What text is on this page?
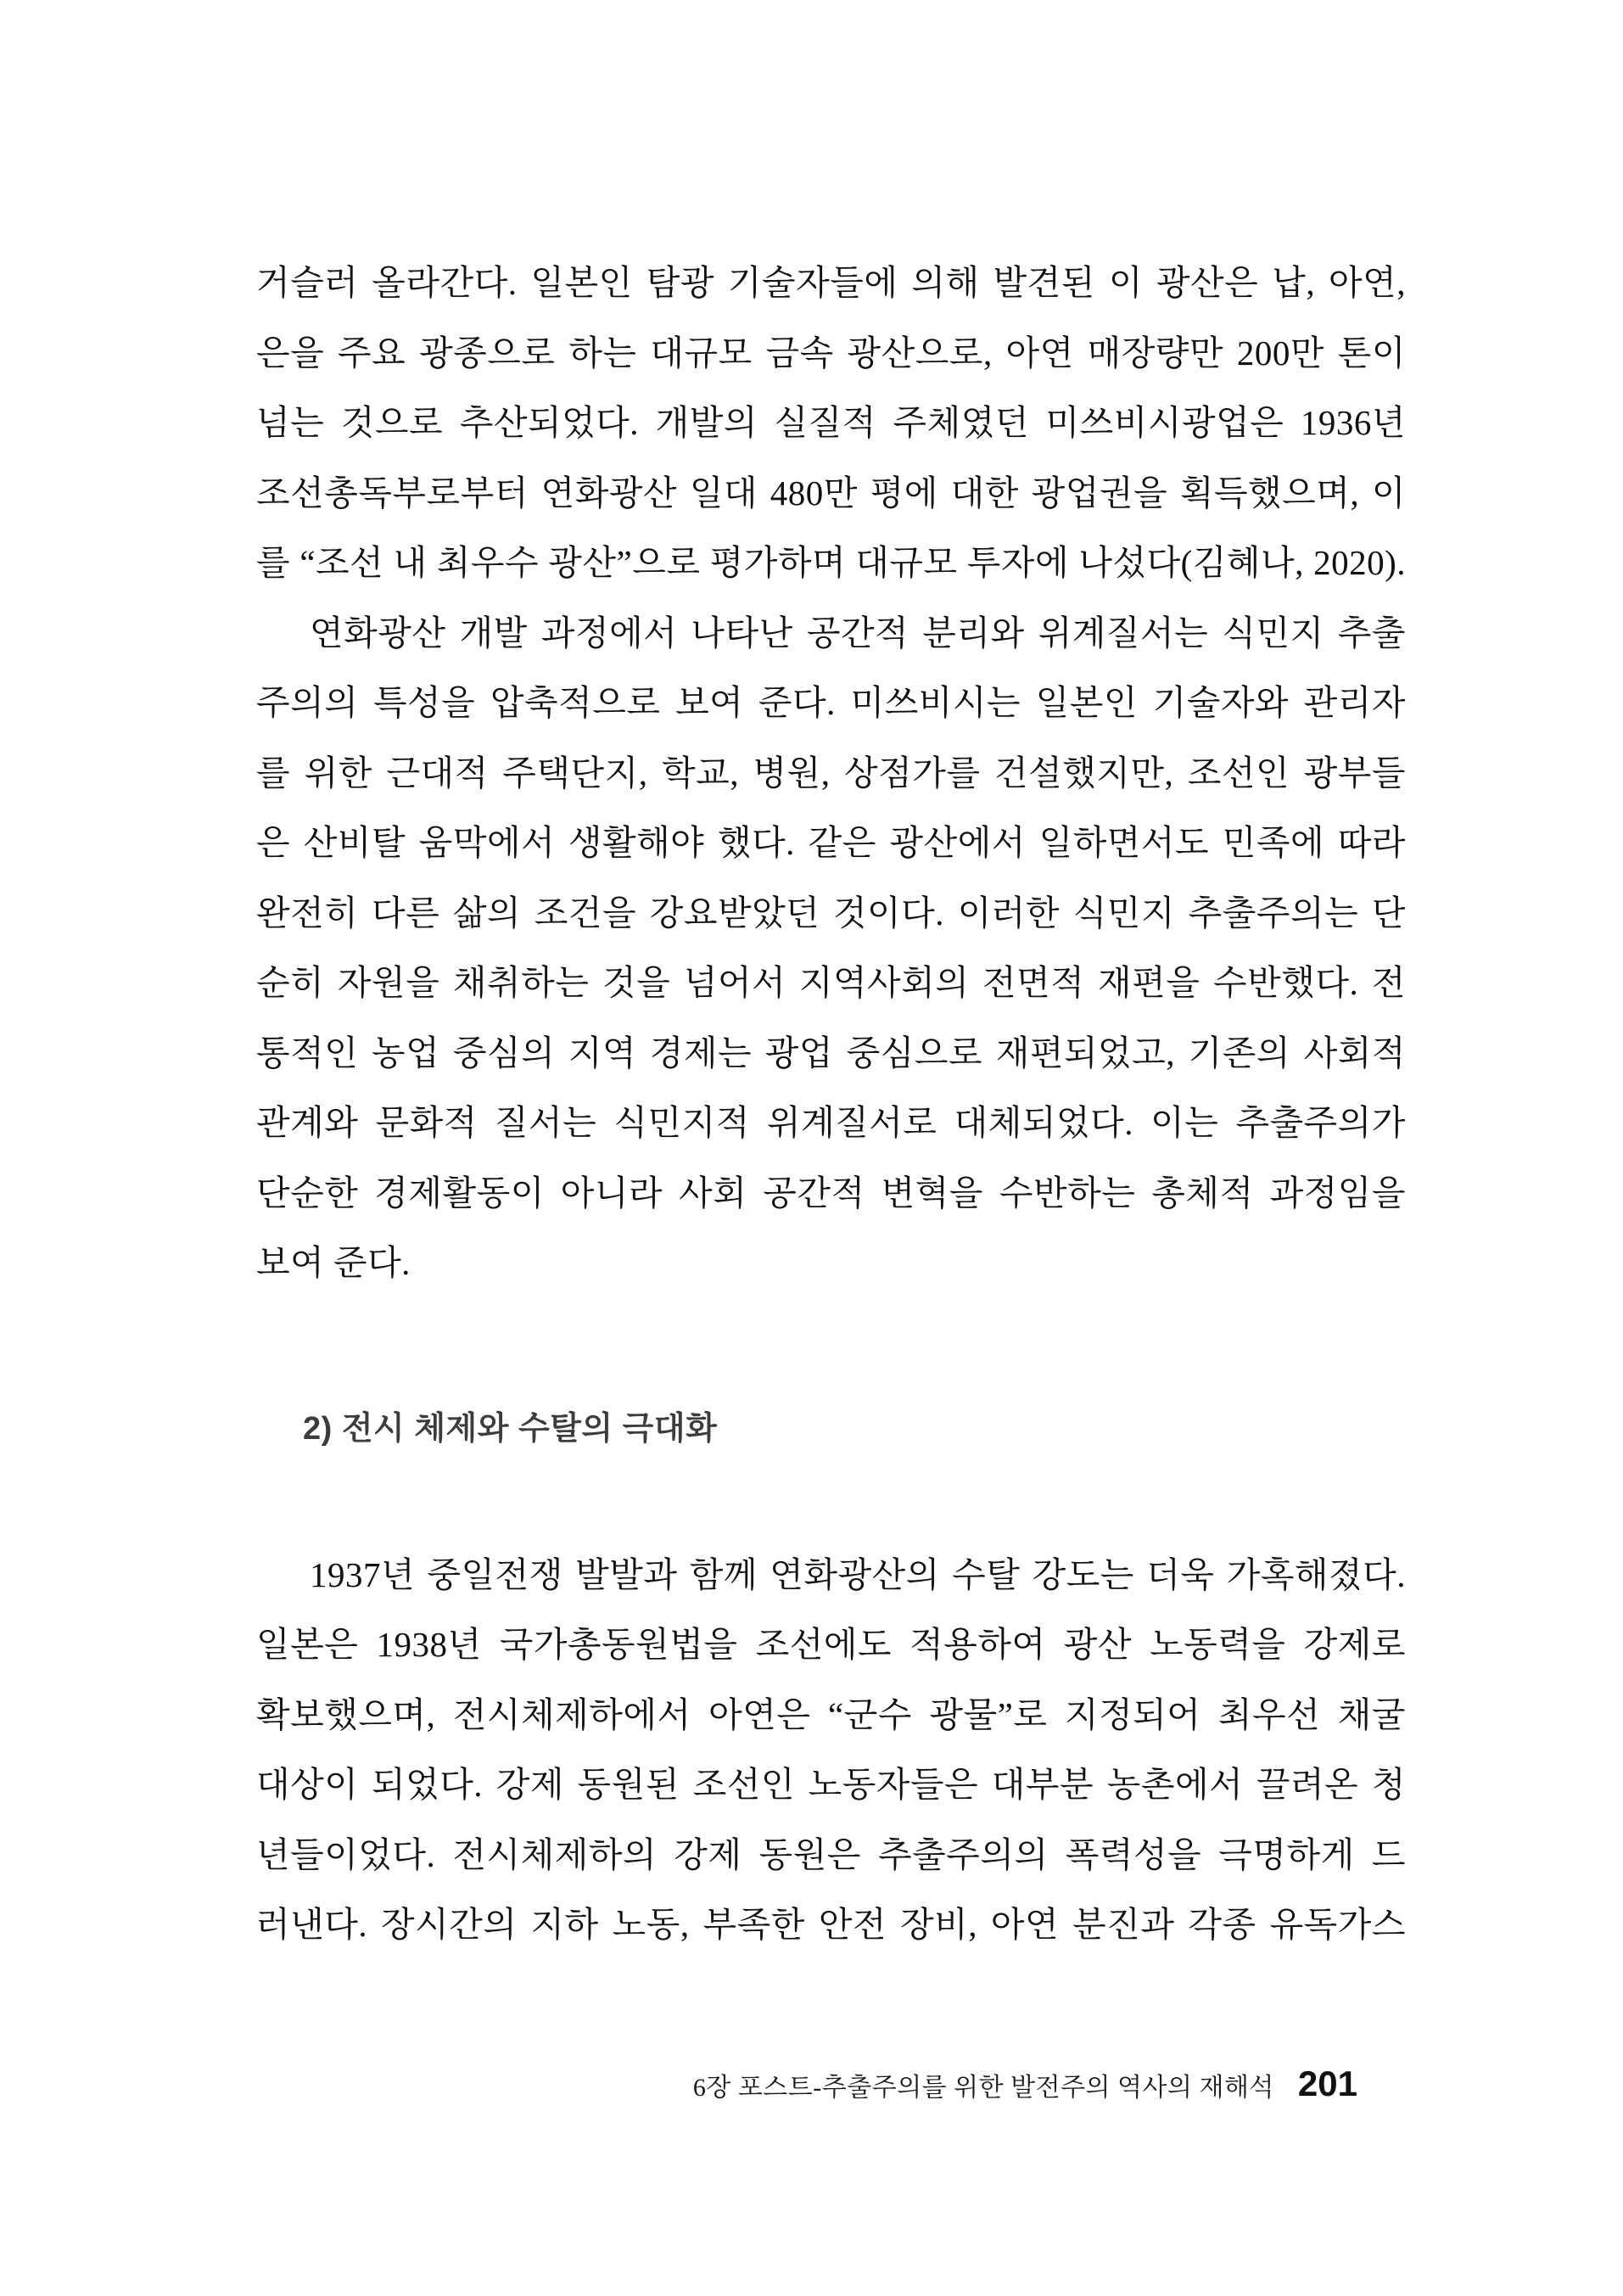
거슬러 올라간다. 일본인 탐광 기술자들에 의해 발견된 이 광산은 납, 아연,

은을 주요 광종으로 하는 대규모 금속 광산으로, 아연 매장량만 200만 톤이

넘는 것으로 추산되었다. 개발의 실질적 주체였던 미쓰비시광업은 1936년

조선총독부로부터 연화광산 일대 480만 평에 대한 광업권을 획득했으며, 이

를 “조선 내 최우수 광산”으로 평가하며 대규모 투자에 나섰다(김혜나, 2020).

연화광산 개발 과정에서 나타난 공간적 분리와 위계질서는 식민지 추출

주의의 특성을 압축적으로 보여 준다. 미쓰비시는 일본인 기술자와 관리자

를 위한 근대적 주택단지, 학교, 병원, 상점가를 건설했지만, 조선인 광부들

은 산비탈 움막에서 생활해야 했다. 같은 광산에서 일하면서도 민족에 따라

완전히 다른 삶의 조건을 강요받았던 것이다. 이러한 식민지 추출주의는 단

순히 자원을 채취하는 것을 넘어서 지역사회의 전면적 재편을 수반했다. 전

통적인 농업 중심의 지역 경제는 광업 중심으로 재편되었고, 기존의 사회적

관계와 문화적 질서는 식민지적 위계질서로 대체되었다. 이는 추출주의가

단순한 경제활동이 아니라 사회 공간적 변혁을 수반하는 총체적 과정임을

보여 준다.

2) 전시 체제와 수탈의 극대화

1937년 중일전쟁 발발과 함께 연화광산의 수탈 강도는 더욱 가혹해졌다.

일본은 1938년 국가총동원법을 조선에도 적용하여 광산 노동력을 강제로

확보했으며, 전시체제하에서 아연은 “군수 광물”로 지정되어 최우선 채굴

대상이 되었다. 강제 동원된 조선인 노동자들은 대부분 농촌에서 끌려온 청

년들이었다. 전시체제하의 강제 동원은 추출주의의 폭력성을 극명하게 드

러낸다. 장시간의 지하 노동, 부족한 안전 장비, 아연 분진과 각종 유독가스

6장 포스트-추출주의를 위한 발전주의 역사의 재해석 201
